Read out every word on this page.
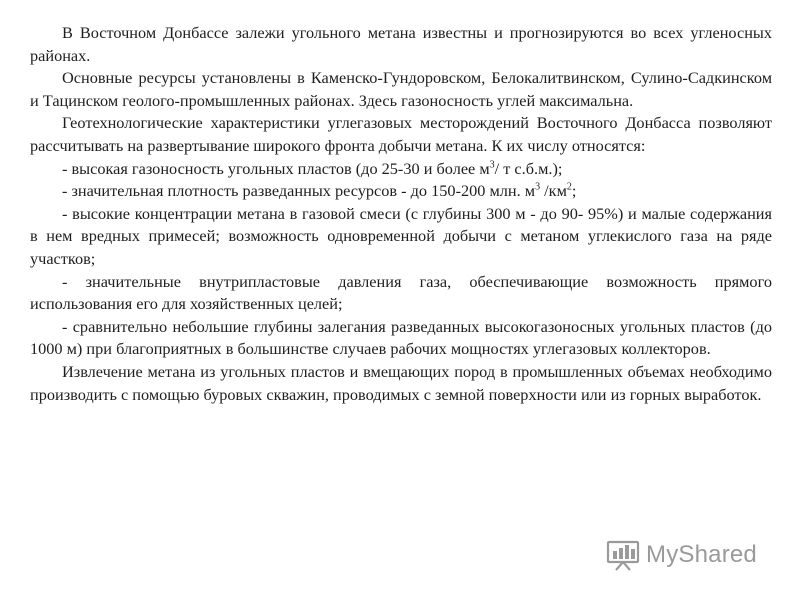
В Восточном Донбассе залежи угольного метана известны и прогнозируются во всех угленосных районах.

Основные ресурсы установлены в Каменско-Гундоровском, Белокалитвинском, Сулино-Садкинском и Тацинском геолого-промышленных районах. Здесь газоносность углей максимальна.

Геотехнологические характеристики углегазовых месторождений Восточного Донбасса позволяют рассчитывать на развертывание широкого фронта добычи метана. К их числу относятся:

- высокая газоносность угольных пластов (до 25-30 и более $м^3/$ т с.б.м.);

- значительная плотность разведанных ресурсов - до 150-200 млн. $м^3$ $/км^2$;

- высокие концентрации метана в газовой смеси (с глубины 300 м - до 90- 95%) и малые содержания в нем вредных примесей; возможность одновременной добычи с метаном углекислого газа на ряде участков;

- значительные внутрипластовые давления газа, обеспечивающие возможность прямого использования его для хозяйственных целей;

- сравнительно небольшие глубины залегания разведанных высокогазоносных угольных пластов (до 1000 м) при благоприятных в большинстве случаев рабочих мощностях углегазовых коллекторов.

Извлечение метана из угольных пластов и вмещающих пород в промышленных объемах необходимо производить с помощью буровых скважин, проводимых с земной поверхности или из горных выработок.

MyShared
